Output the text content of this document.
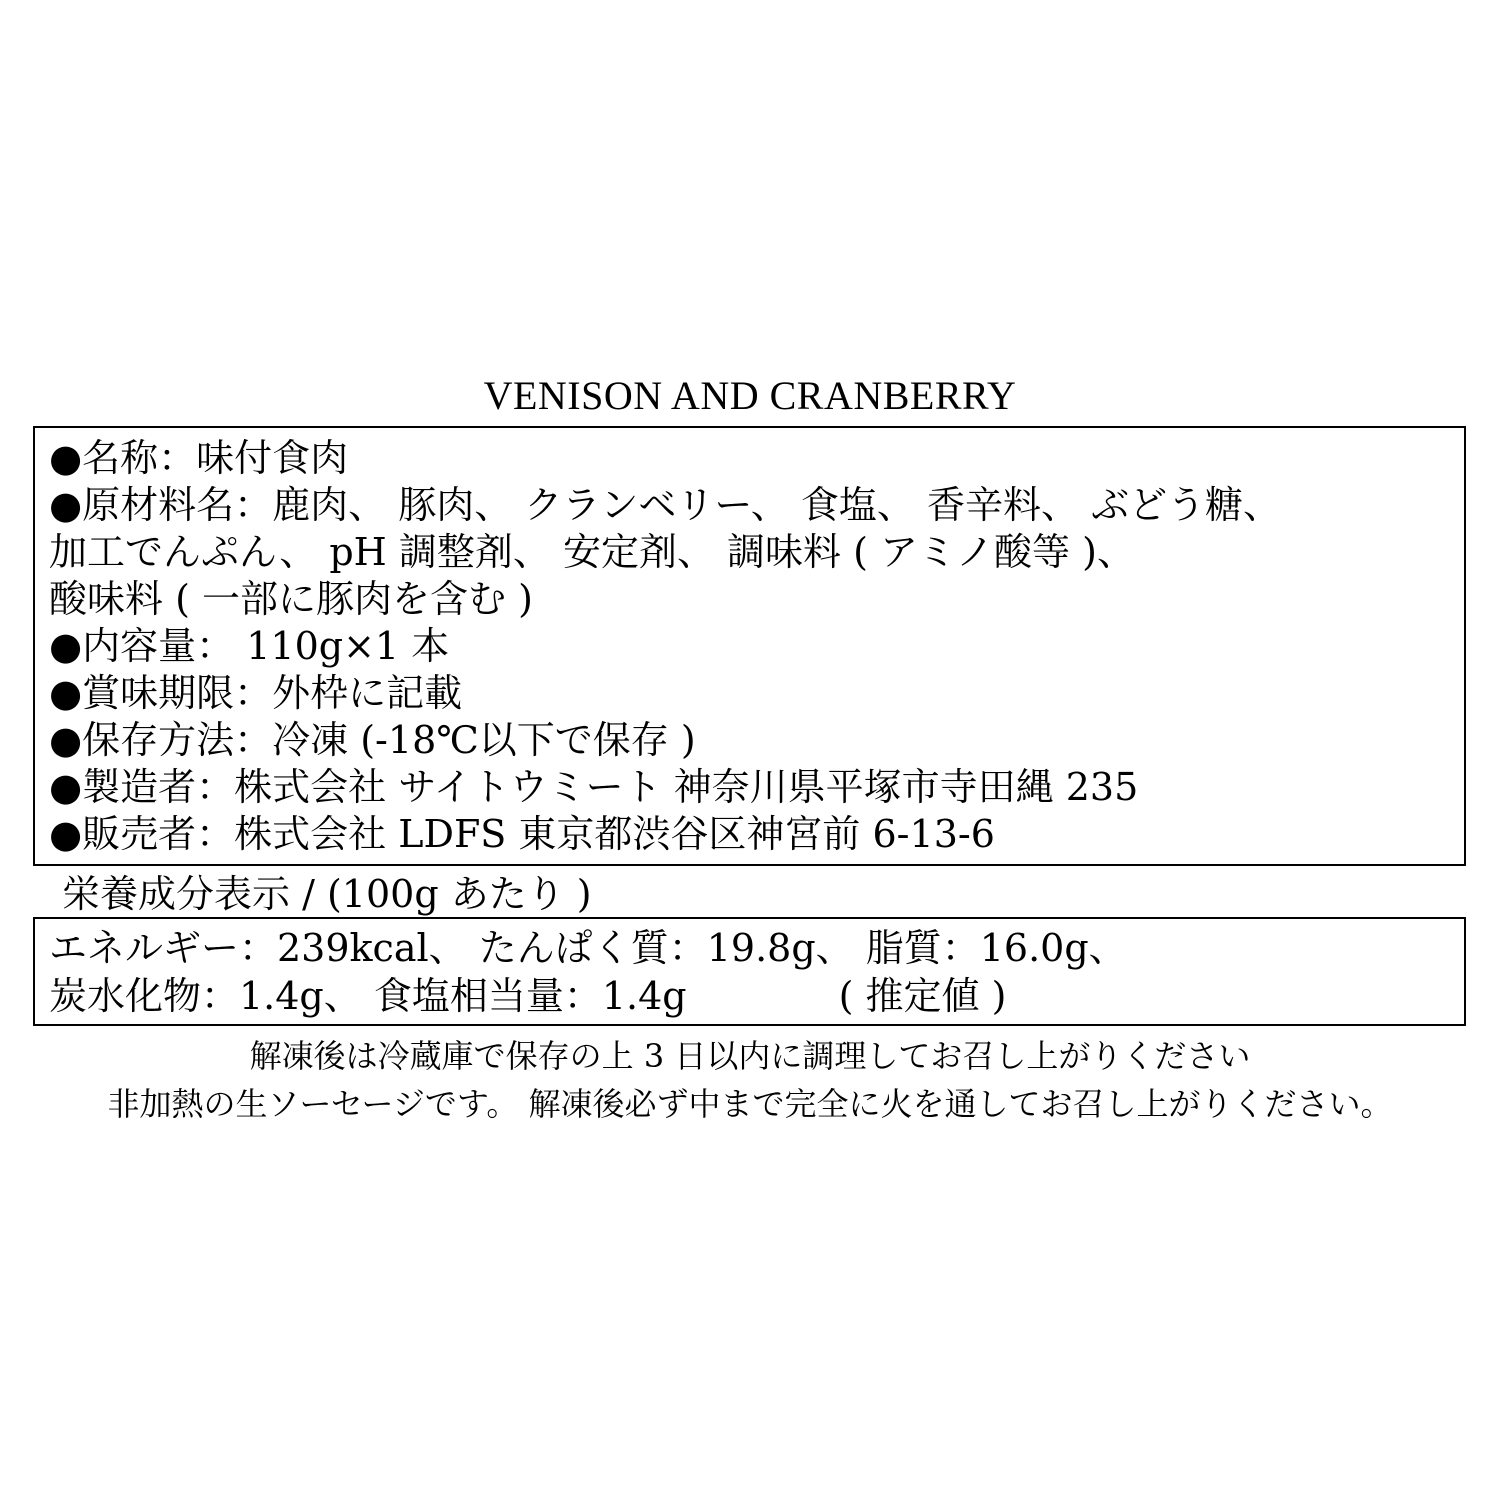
VENISON AND CRANBERRY
●名称：味付食肉
●原材料名：鹿肉、 豚肉、 クランベリー、 食塩、 香辛料、 ぶどう糖、
加工でんぷん、 pH 調整剤、 安定剤、 調味料 ( アミノ酸等 )、
酸味料 ( 一部に豚肉を含む )
●内容量： 110g×1 本
●賞味期限：外枠に記載
●保存方法：冷凍 (-18℃以下で保存 )
●製造者：株式会社 サイトウミート 神奈川県平塚市寺田縄 235
●販売者：株式会社 LDFS 東京都渋谷区神宮前 6-13-6
栄養成分表示 / (100g あたり )
エネルギー：239kcal、 たんぱく質：19.8g、 脂質：16.0g、
炭水化物：1.4g、 食塩相当量：1.4g　　　　( 推定値 )
解凍後は冷蔵庫で保存の上 3 日以内に調理してお召し上がりください
非加熱の生ソーセージです。 解凍後必ず中まで完全に火を通してお召し上がりください。
